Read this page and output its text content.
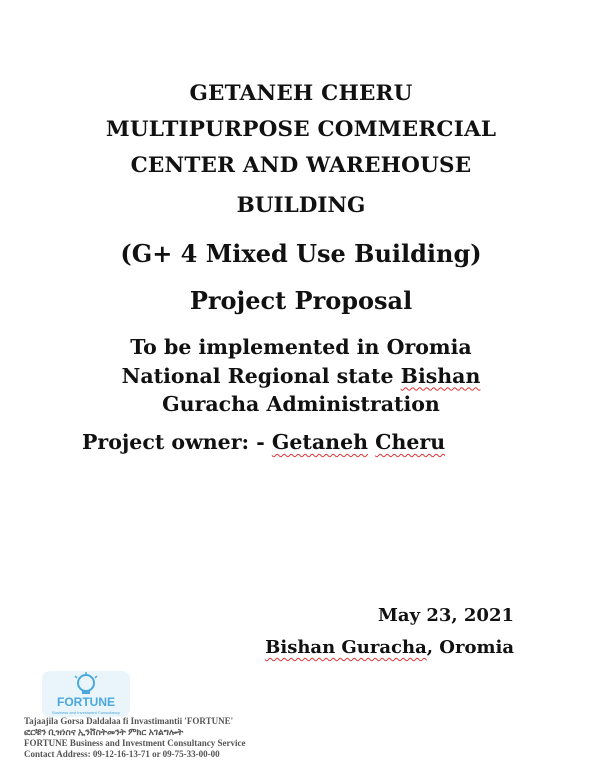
GETANEH CHERU
MULTIPURPOSE COMMERCIAL
CENTER AND WAREHOUSE
BUILDING
(G+ 4 Mixed Use Building)
Project Proposal
To be implemented in Oromia
National Regional state Bishan
Guracha Administration
Project owner: - Getaneh Cheru
May 23, 2021
Bishan Guracha, Oromia
FORTUNE
Business and Investment Consultancy
Tajaajila Gorsa Daldalaa fi Invastimantii 'FORTUNE'
ፎርቹን ቢዝነስና ኢንቨስትመንት ምክር አገልግሎት
FORTUNE Business and Investment Consultancy Service
Contact Address: 09-12-16-13-71 or 09-75-33-00-00
